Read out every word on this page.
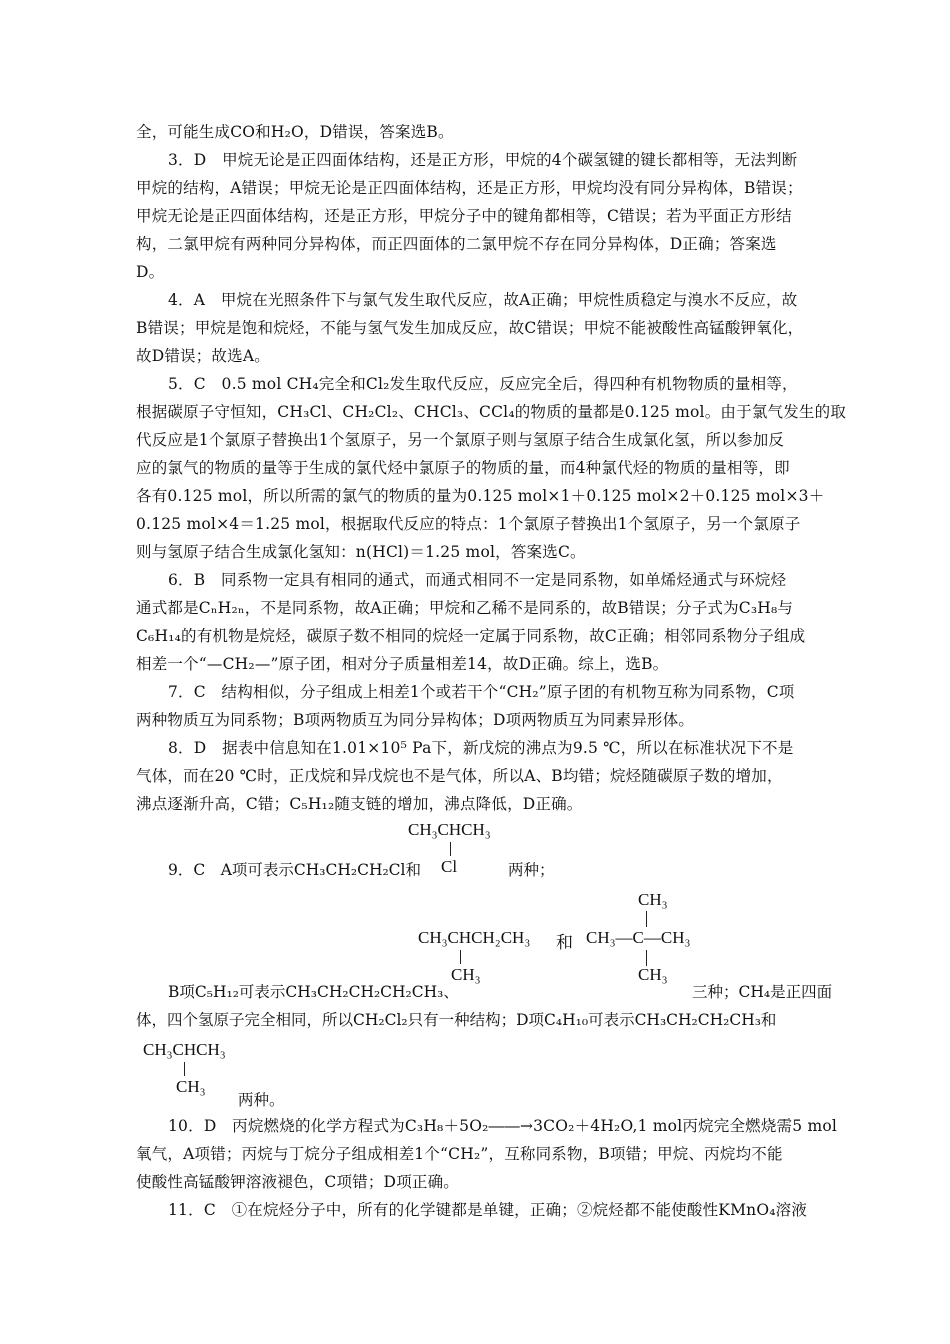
全，可能生成CO和H₂O，D错误，答案选B。
3．D　甲烷无论是正四面体结构，还是正方形，甲烷的4个碳氢键的键长都相等，无法判断
甲烷的结构，A错误；甲烷无论是正四面体结构，还是正方形，甲烷均没有同分异构体，B错误；
甲烷无论是正四面体结构，还是正方形，甲烷分子中的键角都相等，C错误；若为平面正方形结
构，二氯甲烷有两种同分异构体，而正四面体的二氯甲烷不存在同分异构体，D正确；答案选
D。
4．A　甲烷在光照条件下与氯气发生取代反应，故A正确；甲烷性质稳定与溴水不反应，故
B错误；甲烷是饱和烷烃，不能与氢气发生加成反应，故C错误；甲烷不能被酸性高锰酸钾氧化，
故D错误；故选A。
5．C　0.5 mol CH₄完全和Cl₂发生取代反应，反应完全后，得四种有机物物质的量相等，
根据碳原子守恒知，CH₃Cl、CH₂Cl₂、CHCl₃、CCl₄的物质的量都是0.125 mol。由于氯气发生的取
代反应是1个氯原子替换出1个氢原子，另一个氯原子则与氢原子结合生成氯化氢，所以参加反
应的氯气的物质的量等于生成的氯代烃中氯原子的物质的量，而4种氯代烃的物质的量相等，即
各有0.125 mol，所以所需的氯气的物质的量为0.125 mol×1＋0.125 mol×2＋0.125 mol×3＋
0.125 mol×4＝1.25 mol，根据取代反应的特点：1个氯原子替换出1个氢原子，另一个氯原子
则与氢原子结合生成氯化氢知：n(HCl)＝1.25 mol，答案选C。
6．B　同系物一定具有相同的通式，而通式相同不一定是同系物，如单烯烃通式与环烷烃
通式都是CₙH₂ₙ，不是同系物，故A正确；甲烷和乙稀不是同系的，故B错误；分子式为C₃H₈与
C₆H₁₄的有机物是烷烃，碳原子数不相同的烷烃一定属于同系物，故C正确；相邻同系物分子组成
相差一个“—CH₂—”原子团，相对分子质量相差14，故D正确。综上，选B。
7．C　结构相似，分子组成上相差1个或若干个“CH₂”原子团的有机物互称为同系物，C项
两种物质互为同系物；B项两物质互为同分异构体；D项两物质互为同素异形体。
8．D　据表中信息知在1.01×10⁵ Pa下，新戊烷的沸点为9.5 ℃，所以在标准状况下不是
气体，而在20 ℃时，正戊烷和异戊烷也不是气体，所以A、B均错；烷烃随碳原子数的增加，
沸点逐渐升高，C错；C₅H₁₂随支链的增加，沸点降低，D正确。
CH₃CHCH₃
Cl
9．C　A项可表示CH₃CH₂CH₂Cl和	两种；
CH₃CHCH₂CH₃
CH₃
和
CH₃
CH₃—C—CH₃
CH₃
B项C₅H₁₂可表示CH₃CH₂CH₂CH₂CH₃、	三种；CH₄是正四面
体，四个氢原子完全相同，所以CH₂Cl₂只有一种结构；D项C₄H₁₀可表示CH₃CH₂CH₂CH₃和
CH₃CHCH₃
CH₃
两种。
10．D　丙烷燃烧的化学方程式为C₃H₈＋5O₂――→3CO₂＋4H₂O,1 mol丙烷完全燃烧需5 mol
氧气，A项错；丙烷与丁烷分子组成相差1个“CH₂”，互称同系物，B项错；甲烷、丙烷均不能
使酸性高锰酸钾溶液褪色，C项错；D项正确。
11．C　①在烷烃分子中，所有的化学键都是单键，正确；②烷烃都不能使酸性KMnO₄溶液
